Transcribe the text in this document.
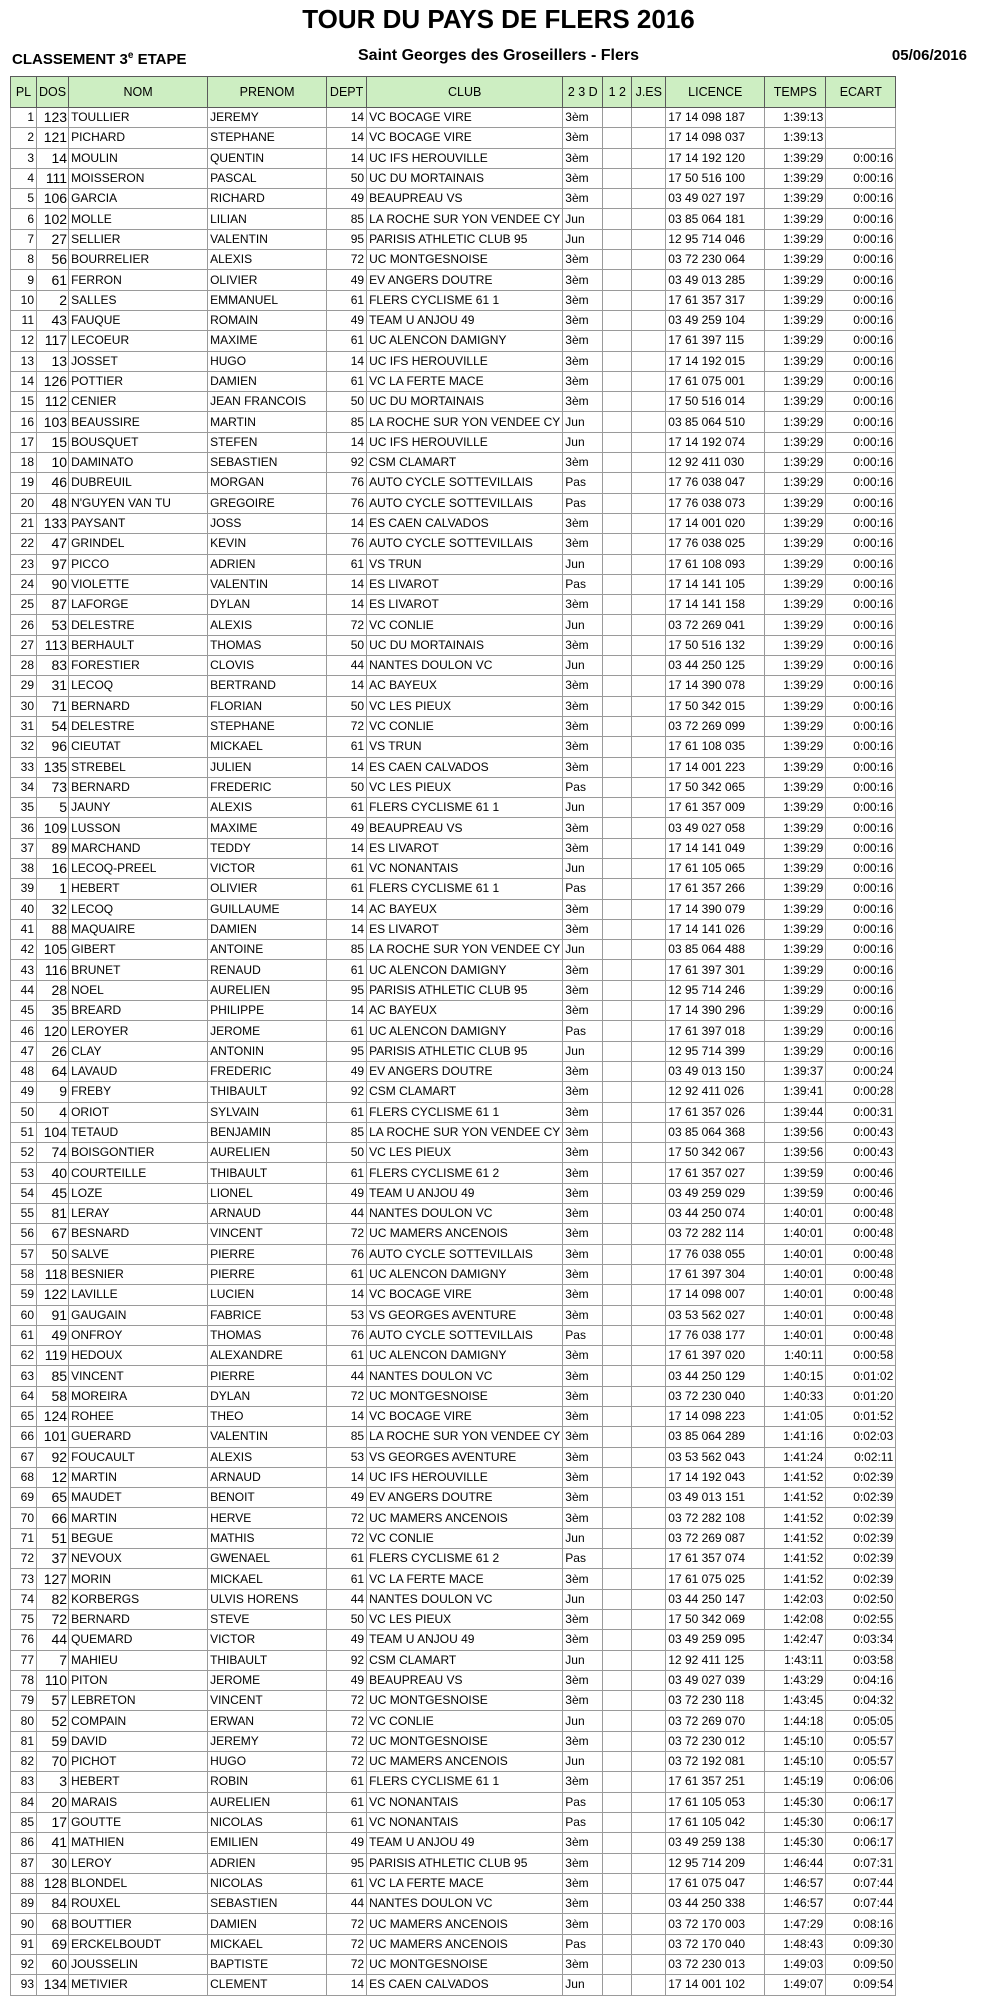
TOUR DU PAYS DE FLERS 2016
CLASSEMENT 3e ETAPE	Saint Georges des Groseillers - Flers	05/06/2016
PL	DOS	NOM	PRENOM	DEPT	CLUB	2 3 D	1 2	J.ES	LICENCE	TEMPS	ECART
1	123	TOULLIER	JEREMY	14	VC BOCAGE VIRE	3èm			17 14 098 187	1:39:13	
2	121	PICHARD	STEPHANE	14	VC BOCAGE VIRE	3èm			17 14 098 037	1:39:13	
3	14	MOULIN	QUENTIN	14	UC IFS HEROUVILLE	3èm			17 14 192 120	1:39:29	0:00:16
4	111	MOISSERON	PASCAL	50	UC DU MORTAINAIS	3èm			17 50 516 100	1:39:29	0:00:16
5	106	GARCIA	RICHARD	49	BEAUPREAU VS	3èm			03 49 027 197	1:39:29	0:00:16
6	102	MOLLE	LILIAN	85	LA ROCHE SUR YON VENDEE CY	Jun			03 85 064 181	1:39:29	0:00:16
7	27	SELLIER	VALENTIN	95	PARISIS ATHLETIC CLUB 95	Jun			12 95 714 046	1:39:29	0:00:16
8	56	BOURRELIER	ALEXIS	72	UC MONTGESNOISE	3èm			03 72 230 064	1:39:29	0:00:16
9	61	FERRON	OLIVIER	49	EV ANGERS DOUTRE	3èm			03 49 013 285	1:39:29	0:00:16
10	2	SALLES	EMMANUEL	61	FLERS CYCLISME 61 1	3èm			17 61 357 317	1:39:29	0:00:16
11	43	FAUQUE	ROMAIN	49	TEAM U ANJOU 49	3èm			03 49 259 104	1:39:29	0:00:16
12	117	LECOEUR	MAXIME	61	UC ALENCON DAMIGNY	3èm			17 61 397 115	1:39:29	0:00:16
13	13	JOSSET	HUGO	14	UC IFS HEROUVILLE	3èm			17 14 192 015	1:39:29	0:00:16
14	126	POTTIER	DAMIEN	61	VC LA FERTE MACE	3èm			17 61 075 001	1:39:29	0:00:16
15	112	CENIER	JEAN FRANCOIS	50	UC DU MORTAINAIS	3èm			17 50 516 014	1:39:29	0:00:16
16	103	BEAUSSIRE	MARTIN	85	LA ROCHE SUR YON VENDEE CY	Jun			03 85 064 510	1:39:29	0:00:16
17	15	BOUSQUET	STEFEN	14	UC IFS HEROUVILLE	Jun			17 14 192 074	1:39:29	0:00:16
18	10	DAMINATO	SEBASTIEN	92	CSM CLAMART	3èm			12 92 411 030	1:39:29	0:00:16
19	46	DUBREUIL	MORGAN	76	AUTO CYCLE SOTTEVILLAIS	Pas			17 76 038 047	1:39:29	0:00:16
20	48	N'GUYEN VAN TU	GREGOIRE	76	AUTO CYCLE SOTTEVILLAIS	Pas			17 76 038 073	1:39:29	0:00:16
21	133	PAYSANT	JOSS	14	ES CAEN CALVADOS	3èm			17 14 001 020	1:39:29	0:00:16
22	47	GRINDEL	KEVIN	76	AUTO CYCLE SOTTEVILLAIS	3èm			17 76 038 025	1:39:29	0:00:16
23	97	PICCO	ADRIEN	61	VS TRUN	Jun			17 61 108 093	1:39:29	0:00:16
24	90	VIOLETTE	VALENTIN	14	ES LIVAROT	Pas			17 14 141 105	1:39:29	0:00:16
25	87	LAFORGE	DYLAN	14	ES LIVAROT	3èm			17 14 141 158	1:39:29	0:00:16
26	53	DELESTRE	ALEXIS	72	VC CONLIE	Jun			03 72 269 041	1:39:29	0:00:16
27	113	BERHAULT	THOMAS	50	UC DU MORTAINAIS	3èm			17 50 516 132	1:39:29	0:00:16
28	83	FORESTIER	CLOVIS	44	NANTES DOULON VC	Jun			03 44 250 125	1:39:29	0:00:16
29	31	LECOQ	BERTRAND	14	AC BAYEUX	3èm			17 14 390 078	1:39:29	0:00:16
30	71	BERNARD	FLORIAN	50	VC LES PIEUX	3èm			17 50 342 015	1:39:29	0:00:16
31	54	DELESTRE	STEPHANE	72	VC CONLIE	3èm			03 72 269 099	1:39:29	0:00:16
32	96	CIEUTAT	MICKAEL	61	VS TRUN	3èm			17 61 108 035	1:39:29	0:00:16
33	135	STREBEL	JULIEN	14	ES CAEN CALVADOS	3èm			17 14 001 223	1:39:29	0:00:16
34	73	BERNARD	FREDERIC	50	VC LES PIEUX	Pas			17 50 342 065	1:39:29	0:00:16
35	5	JAUNY	ALEXIS	61	FLERS CYCLISME 61 1	Jun			17 61 357 009	1:39:29	0:00:16
36	109	LUSSON	MAXIME	49	BEAUPREAU VS	3èm			03 49 027 058	1:39:29	0:00:16
37	89	MARCHAND	TEDDY	14	ES LIVAROT	3èm			17 14 141 049	1:39:29	0:00:16
38	16	LECOQ-PREEL	VICTOR	61	VC NONANTAIS	Jun			17 61 105 065	1:39:29	0:00:16
39	1	HEBERT	OLIVIER	61	FLERS CYCLISME 61 1	Pas			17 61 357 266	1:39:29	0:00:16
40	32	LECOQ	GUILLAUME	14	AC BAYEUX	3èm			17 14 390 079	1:39:29	0:00:16
41	88	MAQUAIRE	DAMIEN	14	ES LIVAROT	3èm			17 14 141 026	1:39:29	0:00:16
42	105	GIBERT	ANTOINE	85	LA ROCHE SUR YON VENDEE CY	Jun			03 85 064 488	1:39:29	0:00:16
43	116	BRUNET	RENAUD	61	UC ALENCON DAMIGNY	3èm			17 61 397 301	1:39:29	0:00:16
44	28	NOEL	AURELIEN	95	PARISIS ATHLETIC CLUB 95	3èm			12 95 714 246	1:39:29	0:00:16
45	35	BREARD	PHILIPPE	14	AC BAYEUX	3èm			17 14 390 296	1:39:29	0:00:16
46	120	LEROYER	JEROME	61	UC ALENCON DAMIGNY	Pas			17 61 397 018	1:39:29	0:00:16
47	26	CLAY	ANTONIN	95	PARISIS ATHLETIC CLUB 95	Jun			12 95 714 399	1:39:29	0:00:16
48	64	LAVAUD	FREDERIC	49	EV ANGERS DOUTRE	3èm			03 49 013 150	1:39:37	0:00:24
49	9	FREBY	THIBAULT	92	CSM CLAMART	3èm			12 92 411 026	1:39:41	0:00:28
50	4	ORIOT	SYLVAIN	61	FLERS CYCLISME 61 1	3èm			17 61 357 026	1:39:44	0:00:31
51	104	TETAUD	BENJAMIN	85	LA ROCHE SUR YON VENDEE CY	3èm			03 85 064 368	1:39:56	0:00:43
52	74	BOISGONTIER	AURELIEN	50	VC LES PIEUX	3èm			17 50 342 067	1:39:56	0:00:43
53	40	COURTEILLE	THIBAULT	61	FLERS CYCLISME 61 2	3èm			17 61 357 027	1:39:59	0:00:46
54	45	LOZE	LIONEL	49	TEAM U ANJOU 49	3èm			03 49 259 029	1:39:59	0:00:46
55	81	LERAY	ARNAUD	44	NANTES DOULON VC	3èm			03 44 250 074	1:40:01	0:00:48
56	67	BESNARD	VINCENT	72	UC MAMERS ANCENOIS	3èm			03 72 282 114	1:40:01	0:00:48
57	50	SALVE	PIERRE	76	AUTO CYCLE SOTTEVILLAIS	3èm			17 76 038 055	1:40:01	0:00:48
58	118	BESNIER	PIERRE	61	UC ALENCON DAMIGNY	3èm			17 61 397 304	1:40:01	0:00:48
59	122	LAVILLE	LUCIEN	14	VC BOCAGE VIRE	3èm			17 14 098 007	1:40:01	0:00:48
60	91	GAUGAIN	FABRICE	53	VS GEORGES AVENTURE	3èm			03 53 562 027	1:40:01	0:00:48
61	49	ONFROY	THOMAS	76	AUTO CYCLE SOTTEVILLAIS	Pas			17 76 038 177	1:40:01	0:00:48
62	119	HEDOUX	ALEXANDRE	61	UC ALENCON DAMIGNY	3èm			17 61 397 020	1:40:11	0:00:58
63	85	VINCENT	PIERRE	44	NANTES DOULON VC	3èm			03 44 250 129	1:40:15	0:01:02
64	58	MOREIRA	DYLAN	72	UC MONTGESNOISE	3èm			03 72 230 040	1:40:33	0:01:20
65	124	ROHEE	THEO	14	VC BOCAGE VIRE	3èm			17 14 098 223	1:41:05	0:01:52
66	101	GUERARD	VALENTIN	85	LA ROCHE SUR YON VENDEE CY	3èm			03 85 064 289	1:41:16	0:02:03
67	92	FOUCAULT	ALEXIS	53	VS GEORGES AVENTURE	3èm			03 53 562 043	1:41:24	0:02:11
68	12	MARTIN	ARNAUD	14	UC IFS HEROUVILLE	3èm			17 14 192 043	1:41:52	0:02:39
69	65	MAUDET	BENOIT	49	EV ANGERS DOUTRE	3èm			03 49 013 151	1:41:52	0:02:39
70	66	MARTIN	HERVE	72	UC MAMERS ANCENOIS	3èm			03 72 282 108	1:41:52	0:02:39
71	51	BEGUE	MATHIS	72	VC CONLIE	Jun			03 72 269 087	1:41:52	0:02:39
72	37	NEVOUX	GWENAEL	61	FLERS CYCLISME 61 2	Pas			17 61 357 074	1:41:52	0:02:39
73	127	MORIN	MICKAEL	61	VC LA FERTE MACE	3èm			17 61 075 025	1:41:52	0:02:39
74	82	KORBERGS	ULVIS HORENS	44	NANTES DOULON VC	Jun			03 44 250 147	1:42:03	0:02:50
75	72	BERNARD	STEVE	50	VC LES PIEUX	3èm			17 50 342 069	1:42:08	0:02:55
76	44	QUEMARD	VICTOR	49	TEAM U ANJOU 49	3èm			03 49 259 095	1:42:47	0:03:34
77	7	MAHIEU	THIBAULT	92	CSM CLAMART	Jun			12 92 411 125	1:43:11	0:03:58
78	110	PITON	JEROME	49	BEAUPREAU VS	3èm			03 49 027 039	1:43:29	0:04:16
79	57	LEBRETON	VINCENT	72	UC MONTGESNOISE	3èm			03 72 230 118	1:43:45	0:04:32
80	52	COMPAIN	ERWAN	72	VC CONLIE	Jun			03 72 269 070	1:44:18	0:05:05
81	59	DAVID	JEREMY	72	UC MONTGESNOISE	3èm			03 72 230 012	1:45:10	0:05:57
82	70	PICHOT	HUGO	72	UC MAMERS ANCENOIS	Jun			03 72 192 081	1:45:10	0:05:57
83	3	HEBERT	ROBIN	61	FLERS CYCLISME 61 1	3èm			17 61 357 251	1:45:19	0:06:06
84	20	MARAIS	AURELIEN	61	VC NONANTAIS	Pas			17 61 105 053	1:45:30	0:06:17
85	17	GOUTTE	NICOLAS	61	VC NONANTAIS	Pas			17 61 105 042	1:45:30	0:06:17
86	41	MATHIEN	EMILIEN	49	TEAM U ANJOU 49	3èm			03 49 259 138	1:45:30	0:06:17
87	30	LEROY	ADRIEN	95	PARISIS ATHLETIC CLUB 95	3èm			12 95 714 209	1:46:44	0:07:31
88	128	BLONDEL	NICOLAS	61	VC LA FERTE MACE	3èm			17 61 075 047	1:46:57	0:07:44
89	84	ROUXEL	SEBASTIEN	44	NANTES DOULON VC	3èm			03 44 250 338	1:46:57	0:07:44
90	68	BOUTTIER	DAMIEN	72	UC MAMERS ANCENOIS	3èm			03 72 170 003	1:47:29	0:08:16
91	69	ERCKELBOUDT	MICKAEL	72	UC MAMERS ANCENOIS	Pas			03 72 170 040	1:48:43	0:09:30
92	60	JOUSSELIN	BAPTISTE	72	UC MONTGESNOISE	3èm			03 72 230 013	1:49:03	0:09:50
93	134	METIVIER	CLEMENT	14	ES CAEN CALVADOS	Jun			17 14 001 102	1:49:07	0:09:54
